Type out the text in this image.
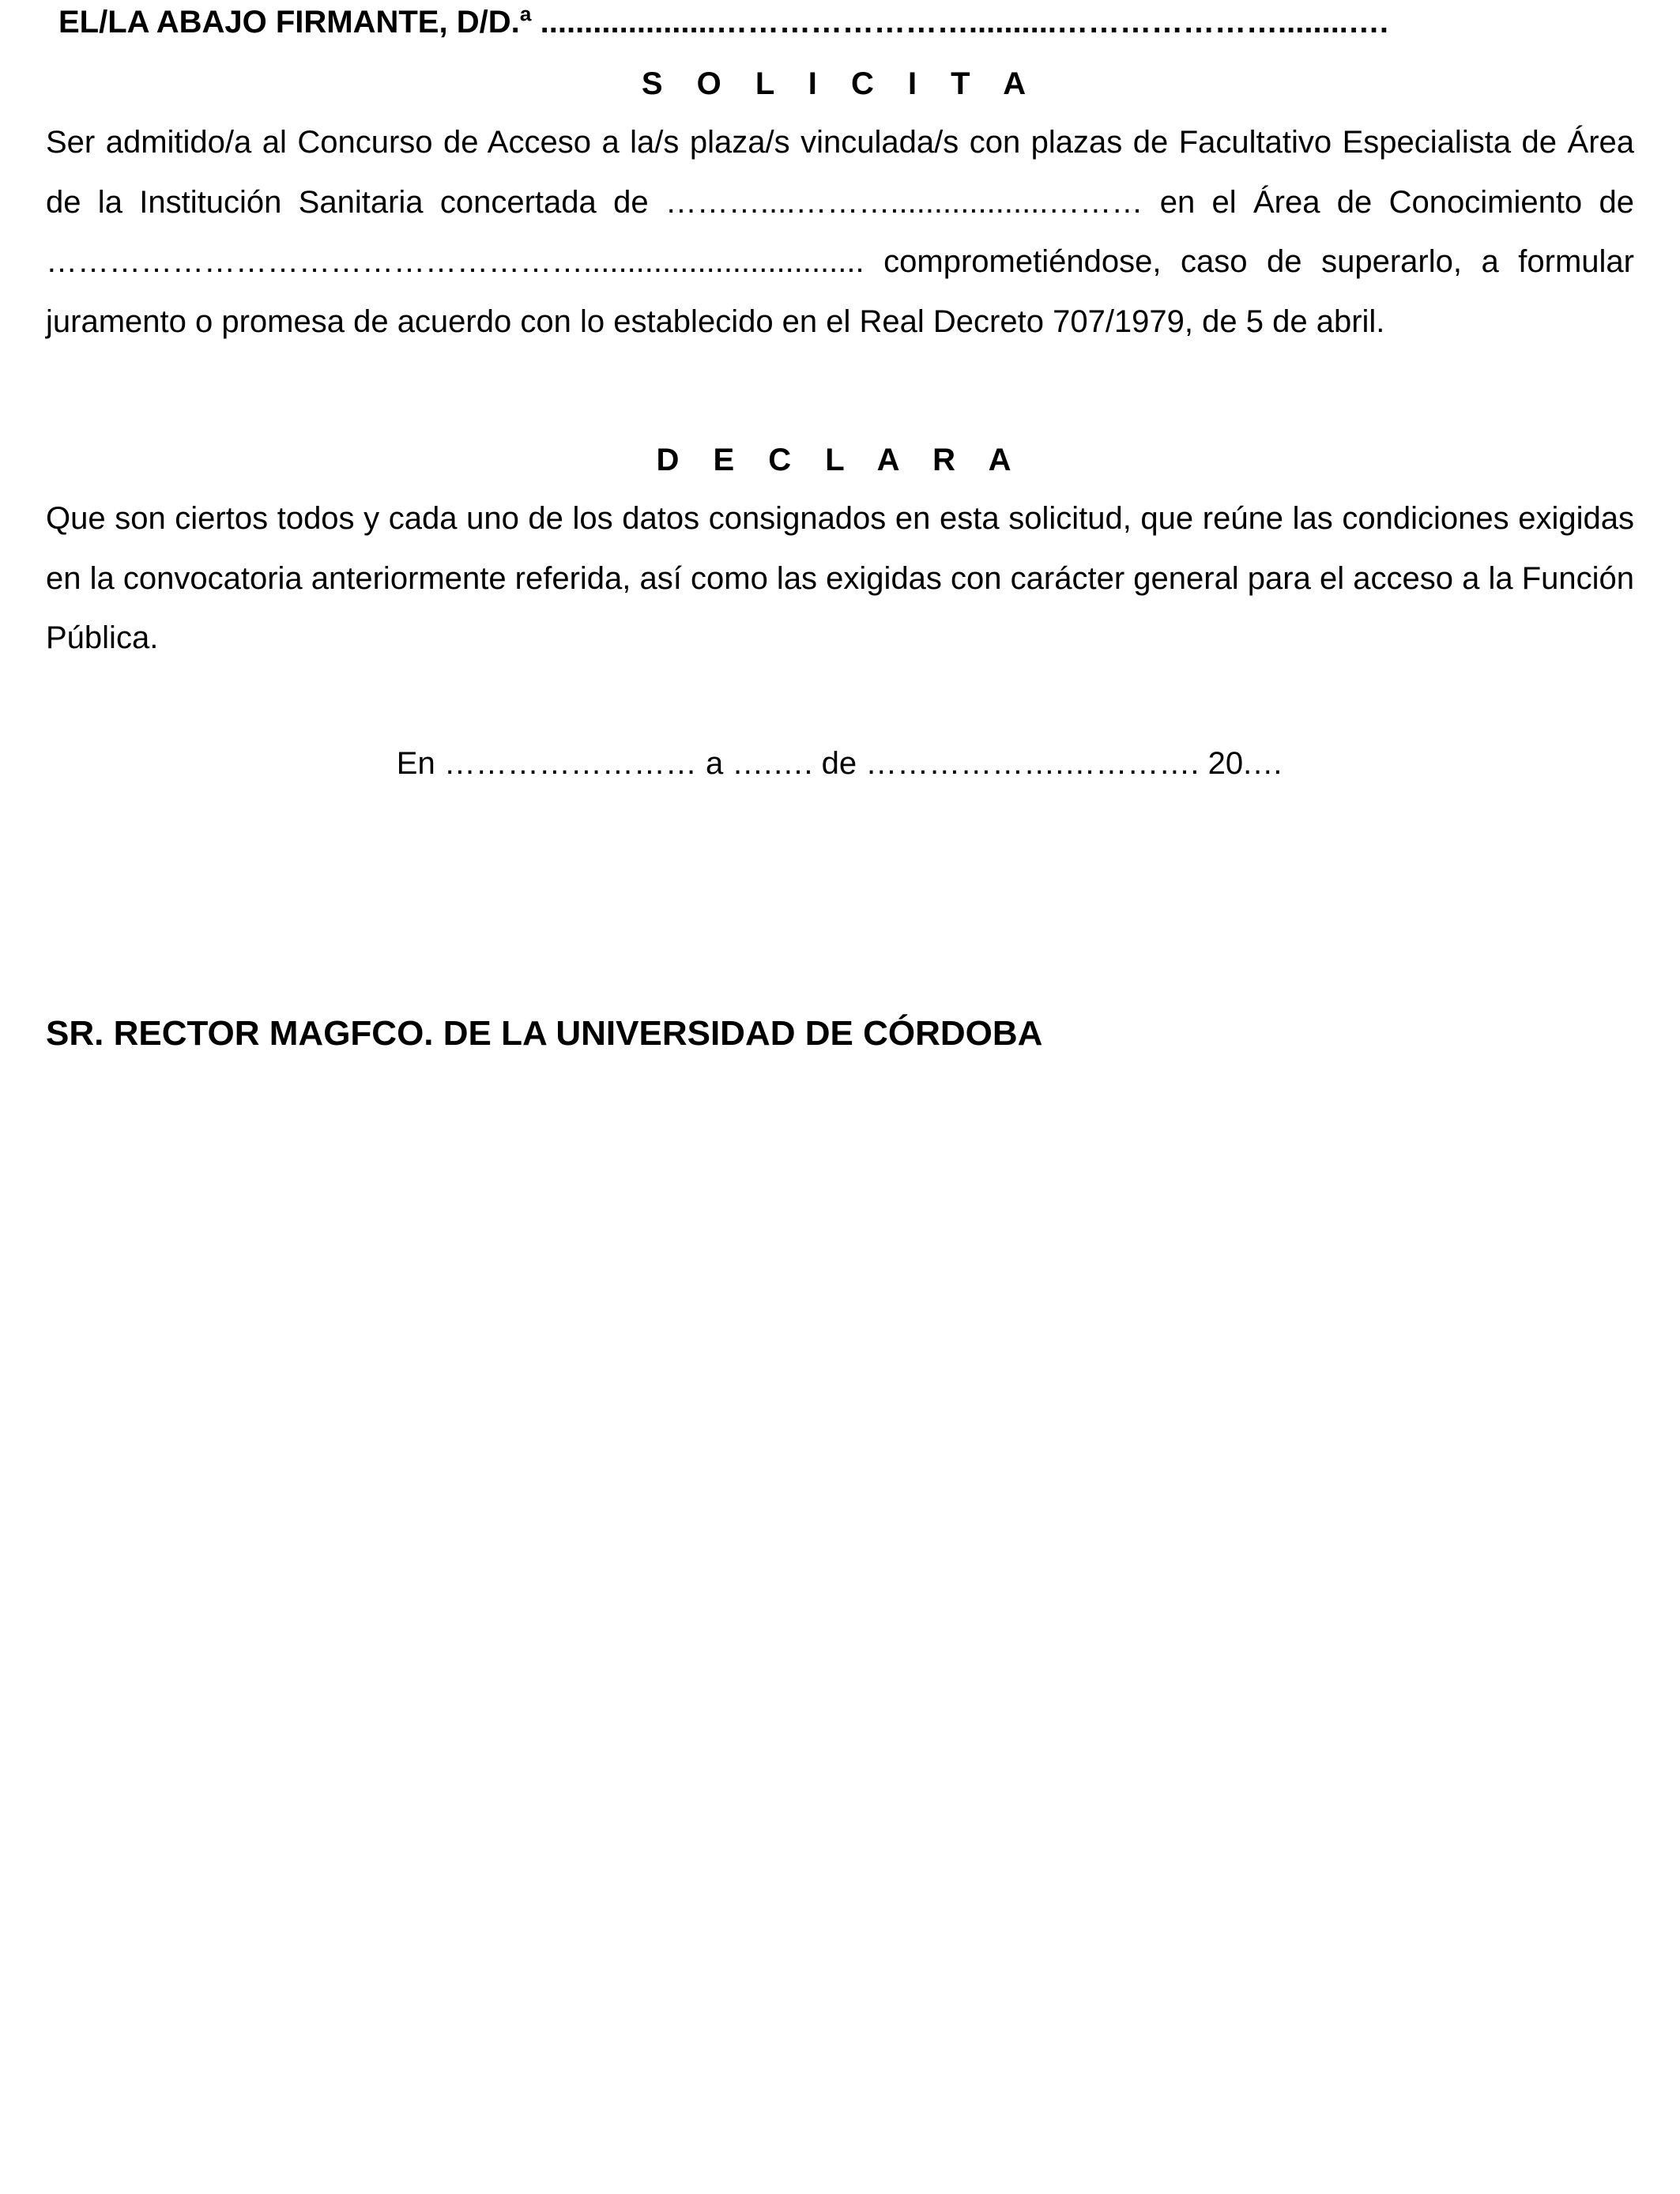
EL/LA ABAJO FIRMANTE, D/D.ª ....................……………………..........…………………........….
S O L I C I T A
Ser admitido/a al Concurso de Acceso a la/s plaza/s vinculada/s con plazas de Facultativo Especialista de Área de la Institución Sanitaria concertada de ………....………..................……… en el Área de Conocimiento de ……………………………………………................................ comprometiéndose, caso de superarlo, a formular juramento o promesa de acuerdo con lo establecido en el Real Decreto 707/1979, de 5 de abril.
D E C L A R A
Que son ciertos todos y cada uno de los datos consignados en esta solicitud, que reúne las condiciones exigidas en la convocatoria anteriormente referida, así como las exigidas con carácter general para el acceso a la Función Pública.
En …………………… a ….…. de ……………….…………. 20.…
SR. RECTOR MAGFCO. DE LA UNIVERSIDAD DE CÓRDOBA
